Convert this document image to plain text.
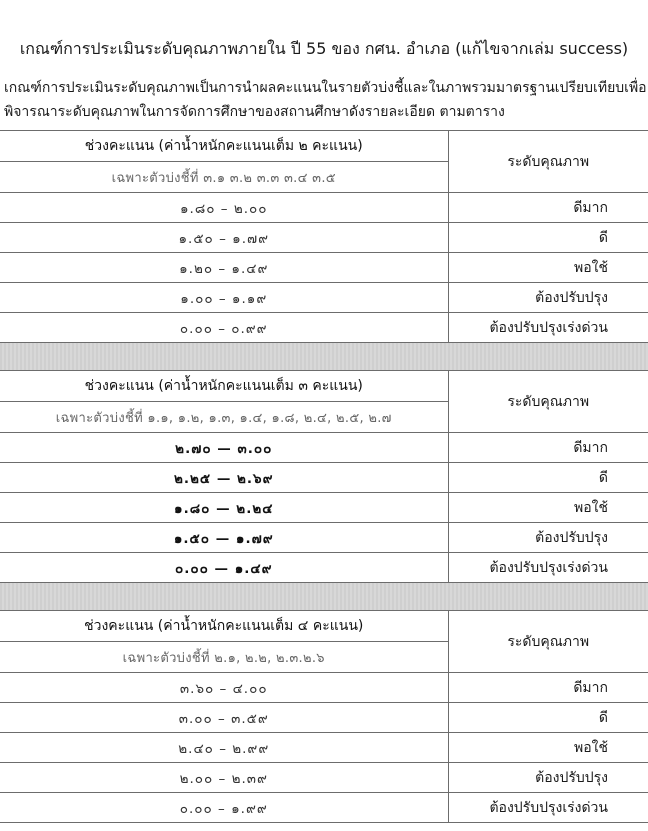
เกณฑ์การประเมินระดับคุณภาพภายใน ปี 55 ของ กศน. อำเภอ (แก้ไขจากเล่ม success)
เกณฑ์การประเมินระดับคุณภาพเป็นการนำผลคะแนนในรายตัวบ่งชี้และในภาพรวมมาตรฐานเปรียบเทียบเพื่อ
พิจารณาระดับคุณภาพในการจัดการศึกษาของสถานศึกษาดังรายละเอียด ตามตาราง
ช่วงคะแนน (ค่าน้ำหนักคะแนนเต็ม ๒ คะแนน)	ระดับคุณภาพ
เฉพาะตัวบ่งชี้ที่ ๓.๑ ๓.๒ ๓.๓ ๓.๔ ๓.๕	
๑.๘๐ – ๒.๐๐	ดีมาก
๑.๕๐ – ๑.๗๙	ดี
๑.๒๐ – ๑.๔๙	พอใช้
๑.๐๐ – ๑.๑๙	ต้องปรับปรุง
๐.๐๐ – ๐.๙๙	ต้องปรับปรุงเร่งด่วน

ช่วงคะแนน (ค่าน้ำหนักคะแนนเต็ม ๓ คะแนน)	ระดับคุณภาพ
เฉพาะตัวบ่งชี้ที่ ๑.๑, ๑.๒, ๑.๓, ๑.๔, ๑.๘, ๒.๔, ๒.๕, ๒.๗	
๒.๗๐ — ๓.๐๐	ดีมาก
๒.๒๕ — ๒.๖๙	ดี
๑.๘๐ — ๒.๒๔	พอใช้
๑.๕๐ — ๑.๗๙	ต้องปรับปรุง
๐.๐๐ — ๑.๔๙	ต้องปรับปรุงเร่งด่วน

ช่วงคะแนน (ค่าน้ำหนักคะแนนเต็ม ๔ คะแนน)	ระดับคุณภาพ
เฉพาะตัวบ่งชี้ที่ ๒.๑, ๒.๒, ๒.๓.๒.๖	
๓.๖๐ – ๔.๐๐	ดีมาก
๓.๐๐ – ๓.๕๙	ดี
๒.๔๐ – ๒.๙๙	พอใช้
๒.๐๐ – ๒.๓๙	ต้องปรับปรุง
๐.๐๐ – ๑.๙๙	ต้องปรับปรุงเร่งด่วน
